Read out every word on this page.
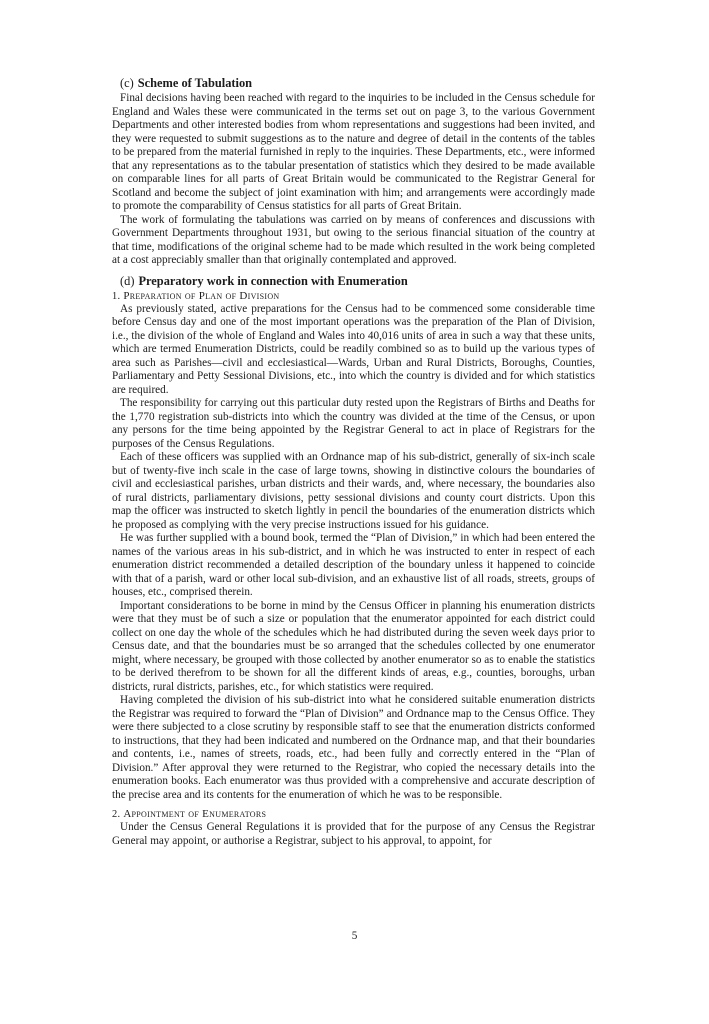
(c) Scheme of Tabulation

Final decisions having been reached with regard to the inquiries to be included in the Census schedule for England and Wales these were communicated in the terms set out on page 3, to the various Government Departments and other interested bodies from whom representations and suggestions had been invited, and they were requested to submit suggestions as to the nature and degree of detail in the contents of the tables to be prepared from the material furnished in reply to the inquiries. These Departments, etc., were informed that any representations as to the tabular presentation of statistics which they desired to be made available on comparable lines for all parts of Great Britain would be communicated to the Registrar General for Scotland and become the subject of joint examination with him; and arrangements were accordingly made to promote the comparability of Census statistics for all parts of Great Britain.

The work of formulating the tabulations was carried on by means of conferences and discussions with Government Departments throughout 1931, but owing to the serious financial situation of the country at that time, modifications of the original scheme had to be made which resulted in the work being completed at a cost appreciably smaller than that originally contemplated and approved.

(d) Preparatory work in connection with Enumeration
1. Preparation of Plan of Division

As previously stated, active preparations for the Census had to be commenced some considerable time before Census day and one of the most important operations was the preparation of the Plan of Division, i.e., the division of the whole of England and Wales into 40,016 units of area in such a way that these units, which are termed Enumeration Districts, could be readily combined so as to build up the various types of area such as Parishes—civil and ecclesiastical—Wards, Urban and Rural Districts, Boroughs, Counties, Parliamentary and Petty Sessional Divisions, etc., into which the country is divided and for which statistics are required.

The responsibility for carrying out this particular duty rested upon the Registrars of Births and Deaths for the 1,770 registration sub-districts into which the country was divided at the time of the Census, or upon any persons for the time being appointed by the Registrar General to act in place of Registrars for the purposes of the Census Regulations.

Each of these officers was supplied with an Ordnance map of his sub-district, generally of six-inch scale but of twenty-five inch scale in the case of large towns, showing in distinctive colours the boundaries of civil and ecclesiastical parishes, urban districts and their wards, and, where necessary, the boundaries also of rural districts, parliamentary divisions, petty sessional divisions and county court districts. Upon this map the officer was instructed to sketch lightly in pencil the boundaries of the enumeration districts which he proposed as complying with the very precise instructions issued for his guidance.

He was further supplied with a bound book, termed the “Plan of Division,” in which had been entered the names of the various areas in his sub-district, and in which he was instructed to enter in respect of each enumeration district recommended a detailed description of the boundary unless it happened to coincide with that of a parish, ward or other local sub-division, and an exhaustive list of all roads, streets, groups of houses, etc., comprised therein.

Important considerations to be borne in mind by the Census Officer in planning his enumeration districts were that they must be of such a size or population that the enumerator appointed for each district could collect on one day the whole of the schedules which he had distributed during the seven week days prior to Census date, and that the boundaries must be so arranged that the schedules collected by one enumerator might, where necessary, be grouped with those collected by another enumerator so as to enable the statistics to be derived therefrom to be shown for all the different kinds of areas, e.g., counties, boroughs, urban districts, rural districts, parishes, etc., for which statistics were required.

Having completed the division of his sub-district into what he considered suitable enumeration districts the Registrar was required to forward the “Plan of Division” and Ordnance map to the Census Office. They were there subjected to a close scrutiny by responsible staff to see that the enumeration districts conformed to instructions, that they had been indicated and numbered on the Ordnance map, and that their boundaries and contents, i.e., names of streets, roads, etc., had been fully and correctly entered in the “Plan of Division.” After approval they were returned to the Registrar, who copied the necessary details into the enumeration books. Each enumerator was thus provided with a comprehensive and accurate description of the precise area and its contents for the enumeration of which he was to be responsible.

2. Appointment of Enumerators

Under the Census General Regulations it is provided that for the purpose of any Census the Registrar General may appoint, or authorise a Registrar, subject to his approval, to appoint, for

5
